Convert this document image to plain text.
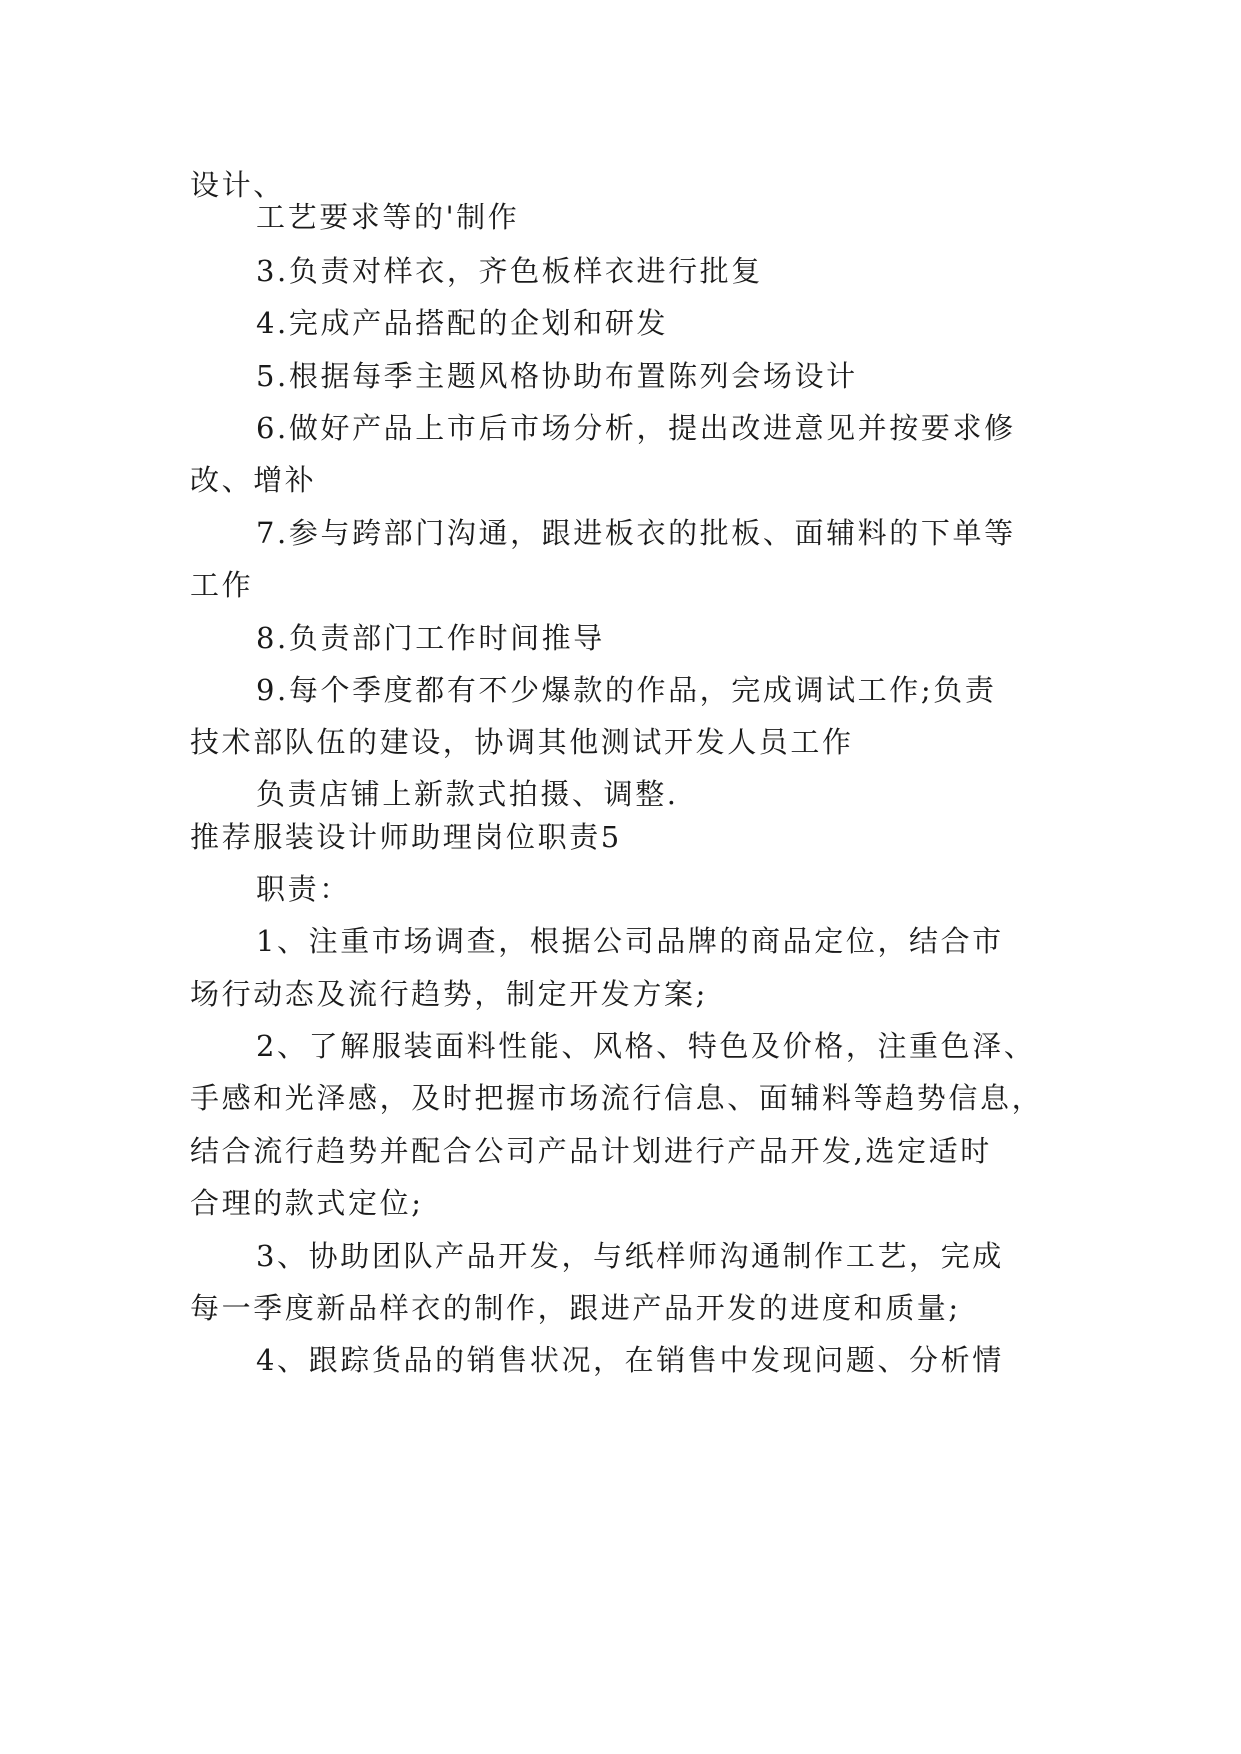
设计、
工艺要求等的'制作
3.负责对样衣，齐色板样衣进行批复
4.完成产品搭配的企划和研发
5.根据每季主题风格协助布置陈列会场设计
6.做好产品上市后市场分析，提出改进意见并按要求修
改、增补
7.参与跨部门沟通，跟进板衣的批板、面辅料的下单等
工作
8.负责部门工作时间推导
9.每个季度都有不少爆款的作品，完成调试工作;负责
技术部队伍的建设，协调其他测试开发人员工作
负责店铺上新款式拍摄、调整.
推荐服装设计师助理岗位职责5
职责：
1、注重市场调查，根据公司品牌的商品定位，结合市
场行动态及流行趋势，制定开发方案;
2、了解服装面料性能、风格、特色及价格，注重色泽、
手感和光泽感，及时把握市场流行信息、面辅料等趋势信息，
结合流行趋势并配合公司产品计划进行产品开发,选定适时
合理的款式定位;
3、协助团队产品开发，与纸样师沟通制作工艺，完成
每一季度新品样衣的制作，跟进产品开发的进度和质量;
4、跟踪货品的销售状况，在销售中发现问题、分析情
